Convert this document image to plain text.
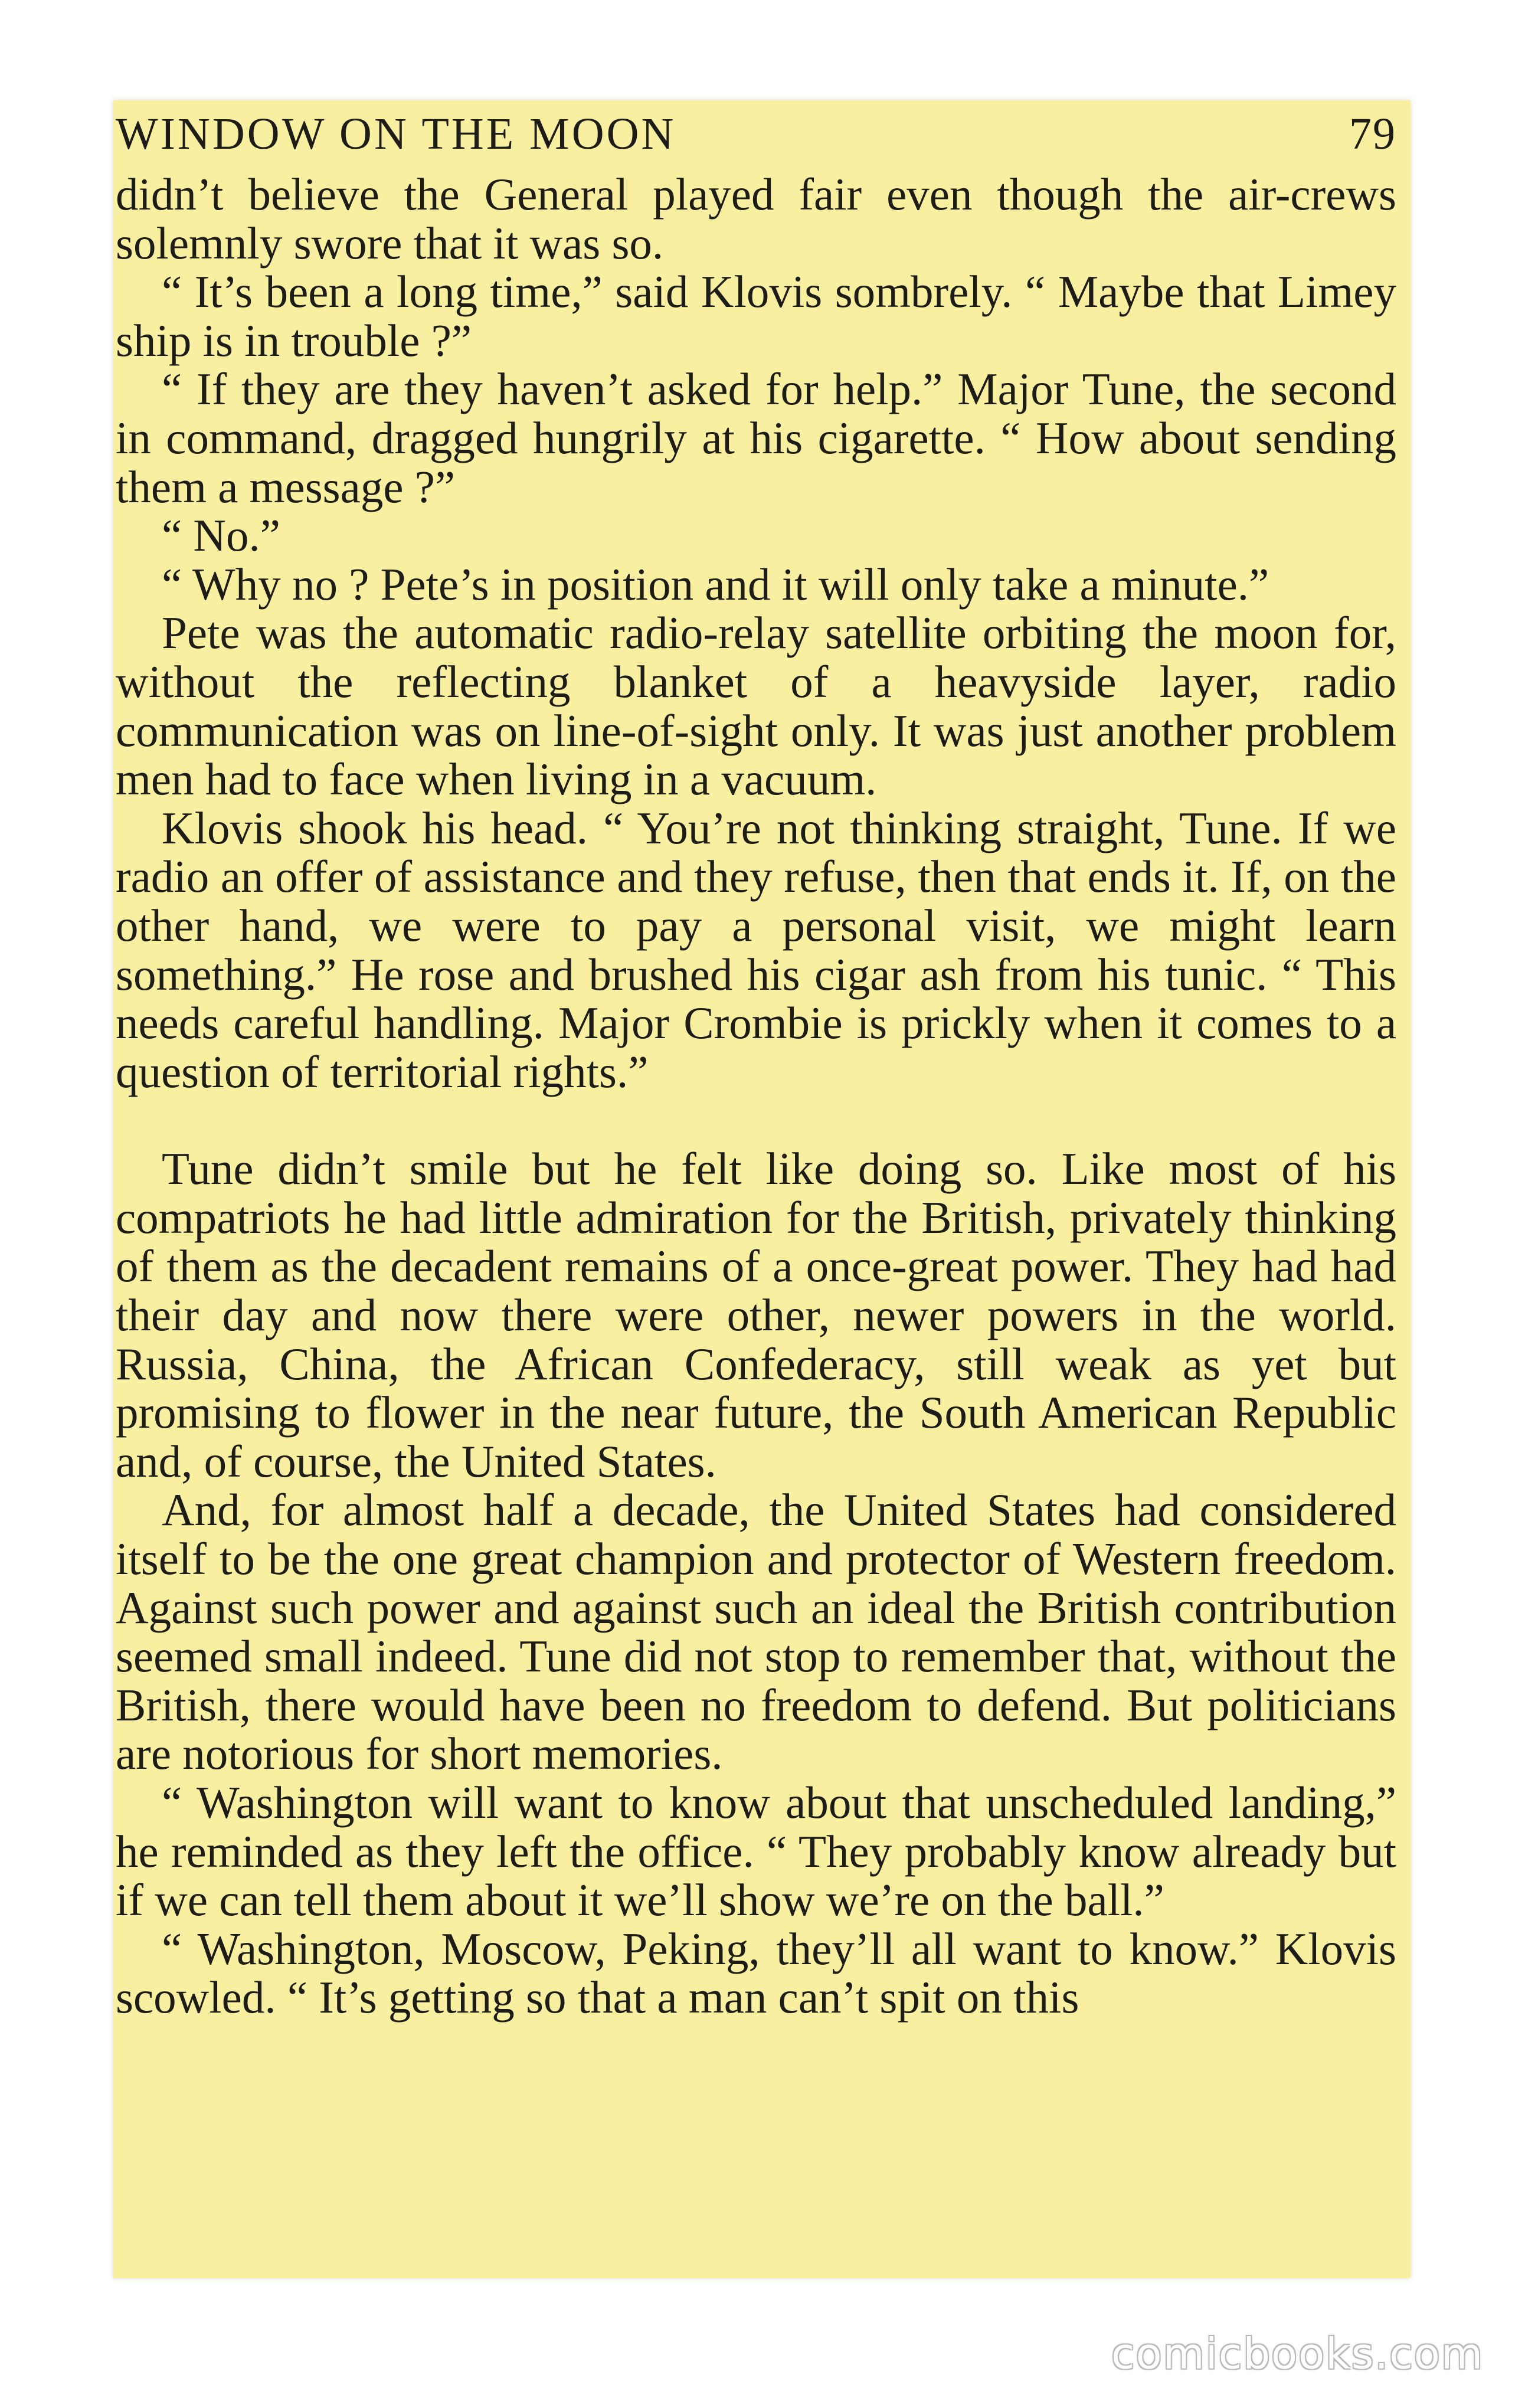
WINDOW ON THE MOON	79

didn’t believe the General played fair even though the air-crews solemnly swore that it was so.

“ It’s been a long time,” said Klovis sombrely. “ Maybe that Limey ship is in trouble ?”

“ If they are they haven’t asked for help.” Major Tune, the second in command, dragged hungrily at his cigarette. “ How about sending them a message ?”

“ No.”

“ Why no ? Pete’s in position and it will only take a minute.”

Pete was the automatic radio-relay satellite orbiting the moon for, without the reflecting blanket of a heavyside layer, radio communication was on line-of-sight only. It was just another problem men had to face when living in a vacuum.

Klovis shook his head. “ You’re not thinking straight, Tune. If we radio an offer of assistance and they refuse, then that ends it. If, on the other hand, we were to pay a personal visit, we might learn something.” He rose and brushed his cigar ash from his tunic. “ This needs careful handling. Major Crombie is prickly when it comes to a question of territorial rights.”

Tune didn’t smile but he felt like doing so. Like most of his compatriots he had little admiration for the British, privately thinking of them as the decadent remains of a once-great power. They had had their day and now there were other, newer powers in the world. Russia, China, the African Confederacy, still weak as yet but promising to flower in the near future, the South American Republic and, of course, the United States.

And, for almost half a decade, the United States had considered itself to be the one great champion and protector of Western freedom. Against such power and against such an ideal the British contribution seemed small indeed. Tune did not stop to remember that, without the British, there would have been no freedom to defend. But politicians are notorious for short memories.

“ Washington will want to know about that unscheduled landing,” he reminded as they left the office. “ They probably know already but if we can tell them about it we’ll show we’re on the ball.”

“ Washington, Moscow, Peking, they’ll all want to know.” Klovis scowled. “ It’s getting so that a man can’t spit on this

comicbooks.com
